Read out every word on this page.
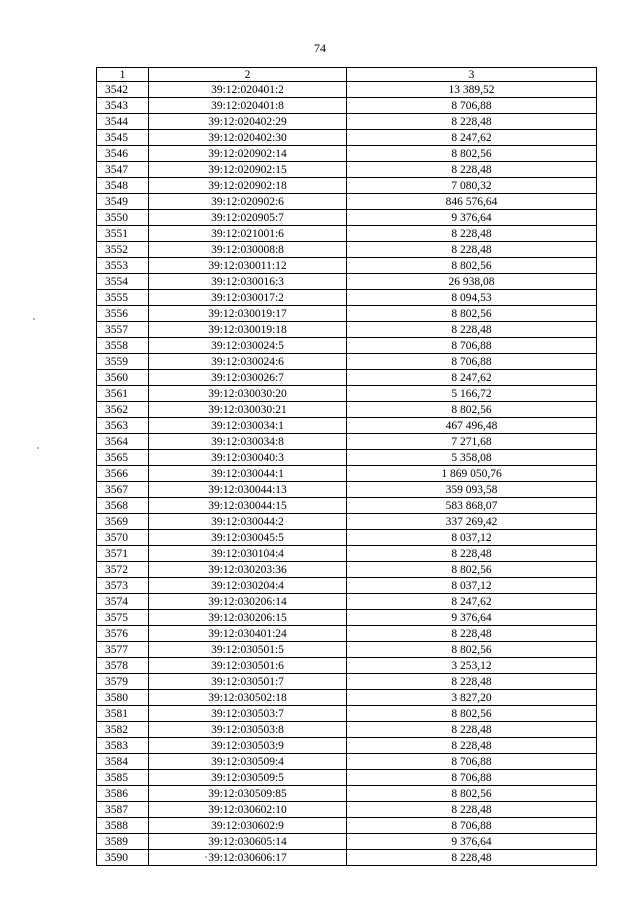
74
1	2	3
3542	39:12:020401:2	13 389,52
3543	39:12:020401:8	8 706,88
3544	39:12:020402:29	8 228,48
3545	39:12:020402:30	8 247,62
3546	39:12:020902:14	8 802,56
3547	39:12:020902:15	8 228,48
3548	39:12:020902:18	7 080,32
3549	39:12:020902:6	846 576,64
3550	39:12:020905:7	9 376,64
3551	39:12:021001:6	8 228,48
3552	39:12:030008:8	8 228,48
3553	39:12:030011:12	8 802,56
3554	39:12:030016:3	26 938,08
3555	39:12:030017:2	8 094,53
3556	39:12:030019:17	8 802,56
3557	39:12:030019:18	8 228,48
3558	39:12:030024:5	8 706,88
3559	39:12:030024:6	8 706,88
3560	39:12:030026:7	8 247,62
3561	39:12:030030:20	5 166,72
3562	39:12:030030:21	8 802,56
3563	39:12:030034:1	467 496,48
3564	39:12:030034:8	7 271,68
3565	39:12:030040:3	5 358,08
3566	39:12:030044:1	1 869 050,76
3567	39:12:030044:13	359 093,58
3568	39:12:030044:15	583 868,07
3569	39:12:030044:2	337 269,42
3570	39:12:030045:5	8 037,12
3571	39:12:030104:4	8 228,48
3572	39:12:030203:36	8 802,56
3573	39:12:030204:4	8 037,12
3574	39:12:030206:14	8 247,62
3575	39:12:030206:15	9 376,64
3576	39:12:030401:24	8 228,48
3577	39:12:030501:5	8 802,56
3578	39:12:030501:6	3 253,12
3579	39:12:030501:7	8 228,48
3580	39:12:030502:18	3 827,20
3581	39:12:030503:7	8 802,56
3582	39:12:030503:8	8 228,48
3583	39:12:030503:9	8 228,48
3584	39:12:030509:4	8 706,88
3585	39:12:030509:5	8 706,88
3586	39:12:030509:85	8 802,56
3587	39:12:030602:10	8 228,48
3588	39:12:030602:9	8 706,88
3589	39:12:030605:14	9 376,64
3590	39:12:030606:17	8 228,48
